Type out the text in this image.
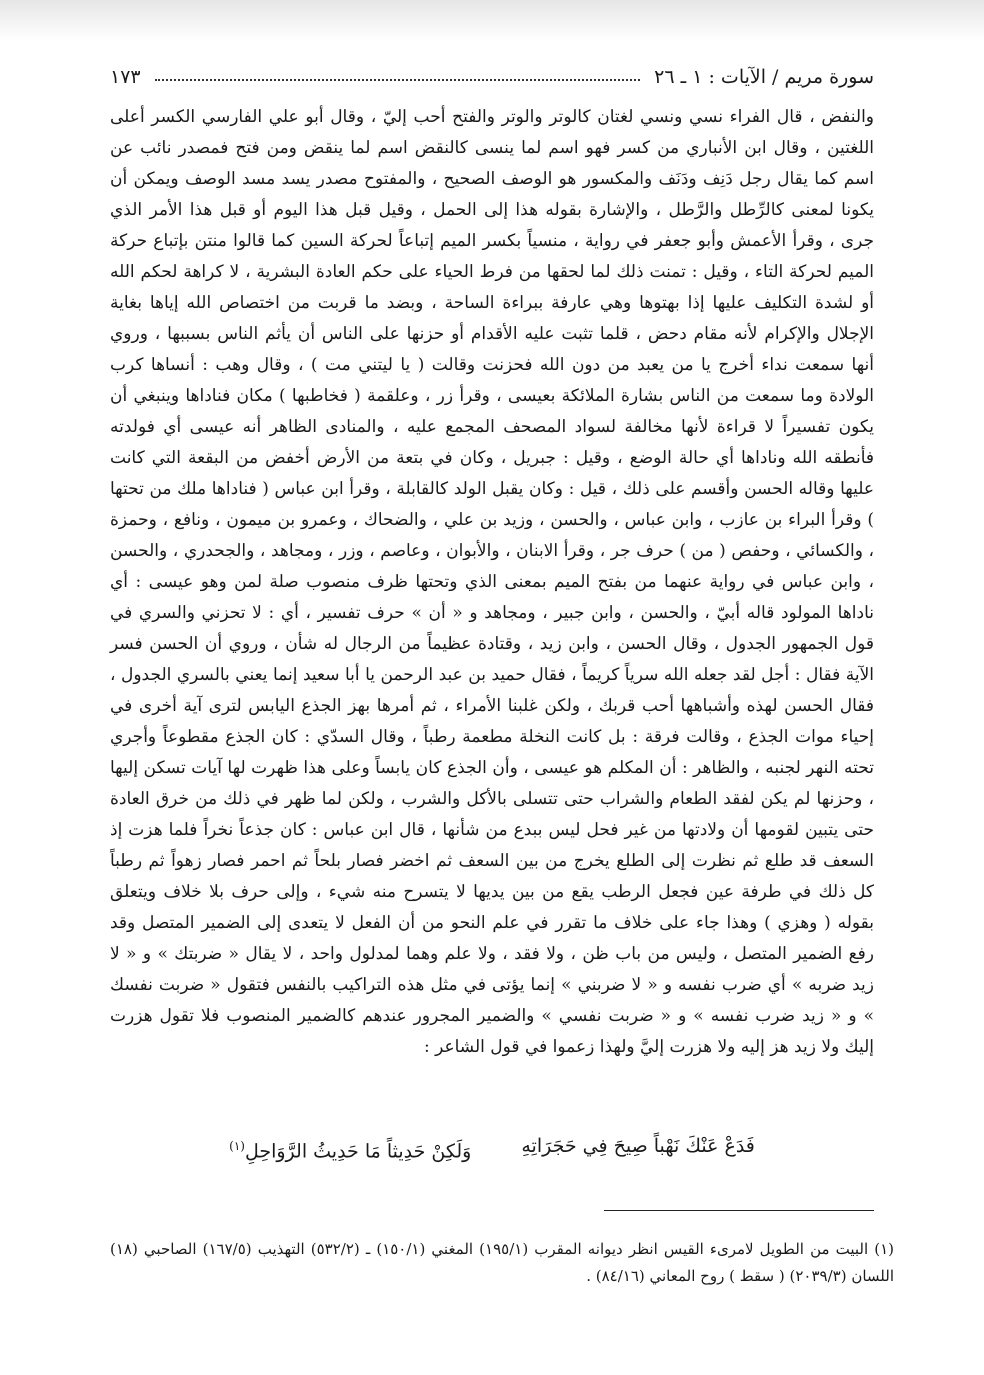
سورة مريم / الآيات : ١ ـ ٢٦
١٧٣

والنفض ، قال الفراء نسي ونسي لغتان كالوتر والوتر والفتح أحب إليّ ، وقال أبو علي الفارسي الكسر أعلى اللغتين ، وقال ابن الأنباري من كسر فهو اسم لما ينسى كالنقض اسم لما ينقض ومن فتح فمصدر نائب عن اسم كما يقال رجل دَنِف ودَنَف والمكسور هو الوصف الصحيح ، والمفتوح مصدر يسد مسد الوصف ويمكن أن يكونا لمعنى كالرِّطل والرَّطل ، والإشارة بقوله هذا إلى الحمل ، وقيل قبل هذا اليوم أو قبل هذا الأمر الذي جرى ، وقرأ الأعمش وأبو جعفر في رواية ، منسياً بكسر الميم إتباعاً لحركة السين كما قالوا منتن بإتباع حركة الميم لحركة التاء ، وقيل : تمنت ذلك لما لحقها من فرط الحياء على حكم العادة البشرية ، لا كراهة لحكم الله أو لشدة التكليف عليها إذا بهتوها وهي عارفة ببراءة الساحة ، وبضد ما قربت من اختصاص الله إياها بغاية الإجلال والإكرام لأنه مقام دحض ، قلما تثبت عليه الأقدام أو حزنها على الناس أن يأثم الناس بسببها ، وروي أنها سمعت نداء أخرج يا من يعبد من دون الله فحزنت وقالت ( يا ليتني مت ) ، وقال وهب : أنساها كرب الولادة وما سمعت من الناس بشارة الملائكة بعيسى ، وقرأ زر ، وعلقمة ( فخاطبها ) مكان فناداها وينبغي أن يكون تفسيراً لا قراءة لأنها مخالفة لسواد المصحف المجمع عليه ، والمنادى الظاهر أنه عيسى أي فولدته فأنطقه الله وناداها أي حالة الوضع ، وقيل : جبريل ، وكان في بتعة من الأرض أخفض من البقعة التي كانت عليها وقاله الحسن وأقسم على ذلك ، قيل : وكان يقبل الولد كالقابلة ، وقرأ ابن عباس ( فناداها ملك من تحتها ) وقرأ البراء بن عازب ، وابن عباس ، والحسن ، وزيد بن علي ، والضحاك ، وعمرو بن ميمون ، ونافع ، وحمزة ، والكسائي ، وحفص ( من ) حرف جر ، وقرأ الابنان ، والأبوان ، وعاصم ، وزر ، ومجاهد ، والجحدري ، والحسن ، وابن عباس في رواية عنهما من بفتح الميم بمعنى الذي وتحتها ظرف منصوب صلة لمن وهو عيسى : أي ناداها المولود قاله أبيّ ، والحسن ، وابن جبير ، ومجاهد و « أن » حرف تفسير ، أي : لا تحزني والسري في قول الجمهور الجدول ، وقال الحسن ، وابن زيد ، وقتادة عظيماً من الرجال له شأن ، وروي أن الحسن فسر الآية فقال : أجل لقد جعله الله سرياً كريماً ، فقال حميد بن عبد الرحمن يا أبا سعيد إنما يعني بالسري الجدول ، فقال الحسن لهذه وأشباهها أحب قربك ، ولكن غلبنا الأمراء ، ثم أمرها بهز الجذع اليابس لترى آية أخرى في إحياء موات الجذع ، وقالت فرقة : بل كانت النخلة مطعمة رطباً ، وقال السدّي : كان الجذع مقطوعاً وأجري تحته النهر لجنبه ، والظاهر : أن المكلم هو عيسى ، وأن الجذع كان يابساً وعلى هذا ظهرت لها آيات تسكن إليها ، وحزنها لم يكن لفقد الطعام والشراب حتى تتسلى بالأكل والشرب ، ولكن لما ظهر في ذلك من خرق العادة حتى يتبين لقومها أن ولادتها من غير فحل ليس ببدع من شأنها ، قال ابن عباس : كان جذعاً نخراً فلما هزت إذ السعف قد طلع ثم نظرت إلى الطلع يخرج من بين السعف ثم اخضر فصار بلحاً ثم احمر فصار زهواً ثم رطباً كل ذلك في طرفة عين فجعل الرطب يقع من بين يديها لا يتسرح منه شيء ، وإلى حرف بلا خلاف ويتعلق بقوله ( وهزي ) وهذا جاء على خلاف ما تقرر في علم النحو من أن الفعل لا يتعدى إلى الضمير المتصل وقد رفع الضمير المتصل ، وليس من باب ظن ، ولا فقد ، ولا علم وهما لمدلول واحد ، لا يقال « ضربتك » و « لا زيد ضربه » أي ضرب نفسه و « لا ضربني » إنما يؤتى في مثل هذه التراكيب بالنفس فتقول « ضربت نفسك » و « زيد ضرب نفسه » و « ضربت نفسي » والضمير المجرور عندهم كالضمير المنصوب فلا تقول هزرت إليك ولا زيد هز إليه ولا هزرت إليَّ ولهذا زعموا في قول الشاعر :

فَدَعْ عَنْكَ نَهْباً صِيحَ فِي حَجَرَاتِهِ
وَلَكِنْ حَدِيثاً مَا حَدِيثُ الرَّوَاحِلِ$^{(١)}$

(١) البيت من الطويل لامرىء القيس انظر ديوانه المقرب (١٩٥/١) المغني (١٥٠/١) ـ (٥٣٢/٢) التهذيب (١٦٧/٥) الصاحبي (١٨) اللسان (٢٠٣٩/٣) ( سقط ) روح المعاني (٨٤/١٦) .
